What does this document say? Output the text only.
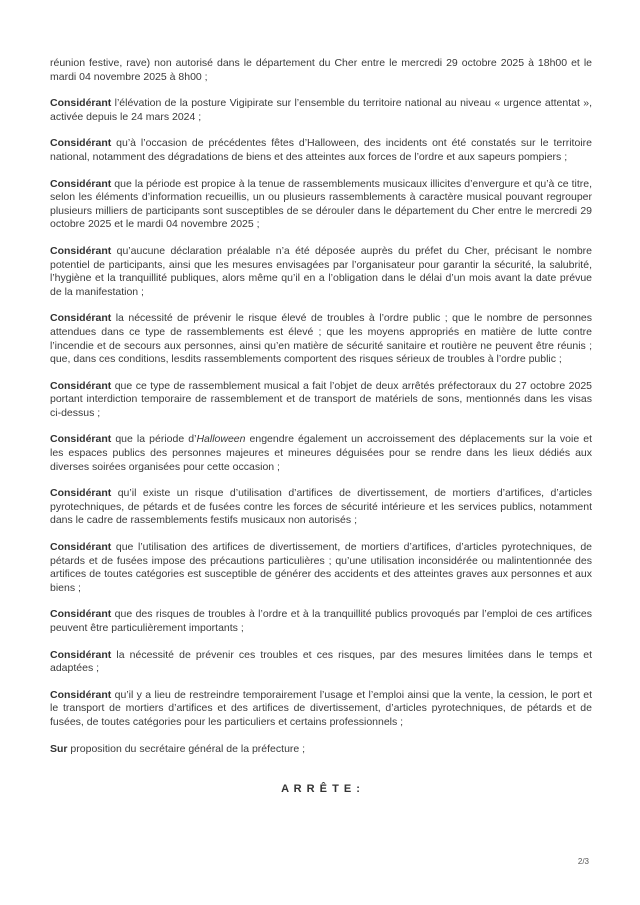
réunion festive, rave) non autorisé dans le département du Cher entre le mercredi 29 octobre 2025 à 18h00 et le mardi 04 novembre 2025 à 8h00 ;

Considérant l’élévation de la posture Vigipirate sur l’ensemble du territoire national au niveau « urgence attentat », activée depuis le 24 mars 2024 ;

Considérant qu’à l’occasion de précédentes fêtes d’Halloween, des incidents ont été constatés sur le territoire national, notamment des dégradations de biens et des atteintes aux forces de l’ordre et aux sapeurs pompiers ;

Considérant que la période est propice à la tenue de rassemblements musicaux illicites d’envergure et qu’à ce titre, selon les éléments d’information recueillis, un ou plusieurs rassemblements à caractère musical pouvant regrouper plusieurs milliers de participants sont susceptibles de se dérouler dans le département du Cher entre le mercredi 29 octobre 2025 et le mardi 04 novembre 2025 ;

Considérant qu’aucune déclaration préalable n’a été déposée auprès du préfet du Cher, précisant le nombre potentiel de participants, ainsi que les mesures envisagées par l’organisateur pour garantir la sécurité, la salubrité, l’hygiène et la tranquillité publiques, alors même qu’il en a l’obligation dans le délai d’un mois avant la date prévue de la manifestation ;

Considérant la nécessité de prévenir le risque élevé de troubles à l’ordre public ; que le nombre de personnes attendues dans ce type de rassemblements est élevé ; que les moyens appropriés en matière de lutte contre l’incendie et de secours aux personnes, ainsi qu’en matière de sécurité sanitaire et routière ne peuvent être réunis ; que, dans ces conditions, lesdits rassemblements comportent des risques sérieux de troubles à l’ordre public ;

Considérant que ce type de rassemblement musical a fait l’objet de deux arrêtés préfectoraux du 27 octobre 2025 portant interdiction temporaire de rassemblement et de transport de matériels de sons, mentionnés dans les visas ci-dessus ;

Considérant que la période d’Halloween engendre également un accroissement des déplacements sur la voie et les espaces publics des personnes majeures et mineures déguisées pour se rendre dans les lieux dédiés aux diverses soirées organisées pour cette occasion ;

Considérant qu’il existe un risque d’utilisation d’artifices de divertissement, de mortiers d’artifices, d’articles pyrotechniques, de pétards et de fusées contre les forces de sécurité intérieure et les services publics, notamment dans le cadre de rassemblements festifs musicaux non autorisés ;

Considérant que l’utilisation des artifices de divertissement, de mortiers d’artifices, d’articles pyrotechniques, de pétards et de fusées impose des précautions particulières ; qu’une utilisation inconsidérée ou malintentionnée des artifices de toutes catégories est susceptible de générer des accidents et des atteintes graves aux personnes et aux biens ;

Considérant que des risques de troubles à l’ordre et à la tranquillité publics provoqués par l’emploi de ces artifices peuvent être particulièrement importants ;

Considérant la nécessité de prévenir ces troubles et ces risques, par des mesures limitées dans le temps et adaptées ;

Considérant qu’il y a lieu de restreindre temporairement l’usage et l’emploi ainsi que la vente, la cession, le port et le transport de mortiers d’artifices et des artifices de divertissement, d’articles pyrotechniques, de pétards et de fusées, de toutes catégories pour les particuliers et certains professionnels ;

Sur proposition du secrétaire général de la préfecture ;

A R R Ê T E :

2/3
